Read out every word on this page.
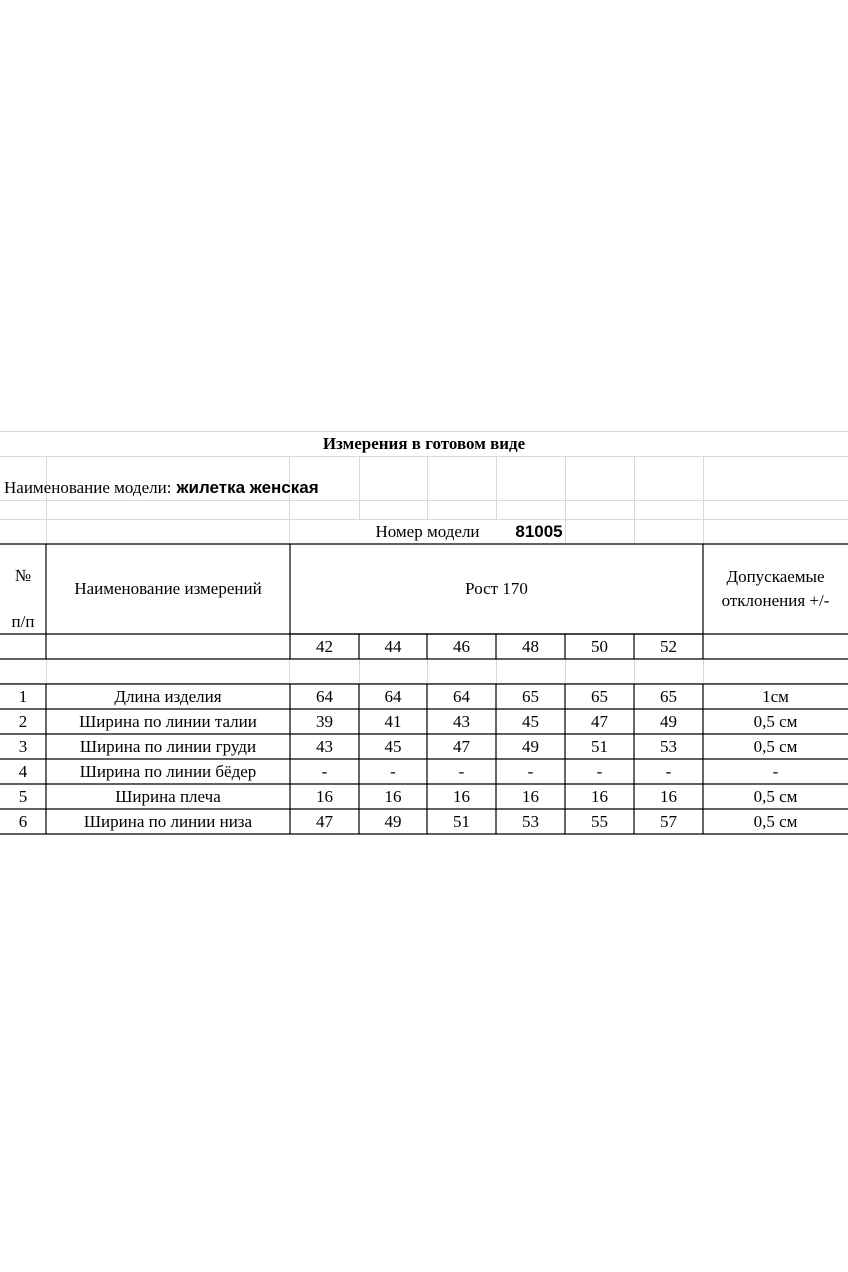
Измерения в готовом виде
Наименование модели: жилетка женская
Номер модели	81005
№
п/п
Наименование измерений	Рост 170
Допускаемые отклонения +/-
42	44	46	48	50	52
1	Длина изделия	64	64	64	65	65	65	1см
2	Ширина по линии талии	39	41	43	45	47	49	0,5 см
3	Ширина по линии груди	43	45	47	49	51	53	0,5 см
4	Ширина по линии бёдер	-	-	-	-	-	-	-
5	Ширина плеча	16	16	16	16	16	16	0,5 см
6	Ширина по линии низа	47	49	51	53	55	57	0,5 см
